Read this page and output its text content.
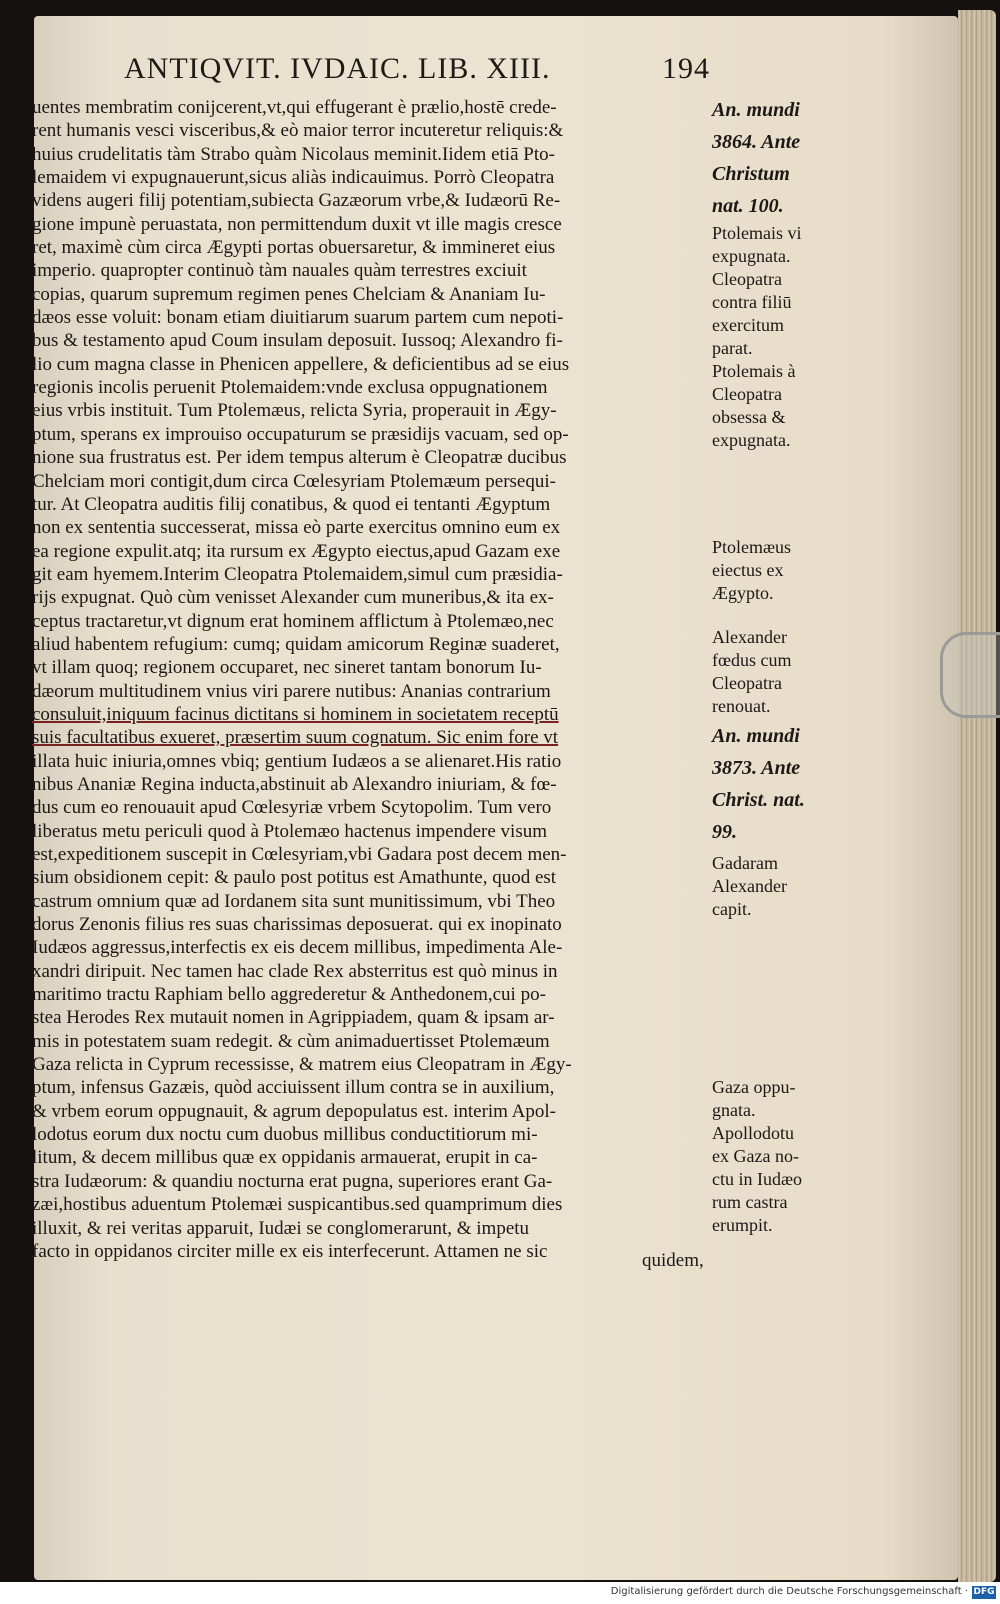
ANTIQVIT. IVDAIC. LIB. XIII.	194
uentes membratim conijcerent,vt,qui effugerant è prælio,hostē crede-
rent humanis vesci visceribus,& eò maior terror incuteretur reliquis:&
huius crudelitatis tàm Strabo quàm Nicolaus meminit.Iidem etiā Pto-
lemaidem vi expugnauerunt,sicus aliàs indicauimus. Porrò Cleopatra
videns augeri filij potentiam,subiecta Gazæorum vrbe,& Iudæorū Re-
gione impunè peruastata, non permittendum duxit vt ille magis cresce
ret, maximè cùm circa Ægypti portas obuersaretur, & immineret eius
imperio. quapropter continuò tàm nauales quàm terrestres exciuit
copias, quarum supremum regimen penes Chelciam & Ananiam Iu-
dæos esse voluit: bonam etiam diuitiarum suarum partem cum nepoti-
bus & testamento apud Coum insulam deposuit. Iussoq; Alexandro fi-
lio cum magna classe in Phenicen appellere, & deficientibus ad se eius
regionis incolis peruenit Ptolemaidem:vnde exclusa oppugnationem
eius vrbis instituit. Tum Ptolemæus, relicta Syria, properauit in Ægy-
ptum, sperans ex improuiso occupaturum se præsidijs vacuam, sed op-
nione sua frustratus est. Per idem tempus alterum è Cleopatræ ducibus
Chelciam mori contigit,dum circa Cœlesyriam Ptolemæum persequi-
tur. At Cleopatra auditis filij conatibus, & quod ei tentanti Ægyptum
non ex sententia successerat, missa eò parte exercitus omnino eum ex
ea regione expulit.atq; ita rursum ex Ægypto eiectus,apud Gazam exe
git eam hyemem.Interim Cleopatra Ptolemaidem,simul cum præsidia-
rijs expugnat. Quò cùm venisset Alexander cum muneribus,& ita ex-
ceptus tractaretur,vt dignum erat hominem afflictum à Ptolemæo,nec
aliud habentem refugium: cumq; quidam amicorum Reginæ suaderet,
vt illam quoq; regionem occuparet, nec sineret tantam bonorum Iu-
dæorum multitudinem vnius viri parere nutibus: Ananias contrarium
consuluit,iniquum facinus dictitans si hominem in societatem receptū
suis facultatibus exueret, præsertim suum cognatum. Sic enim fore vt
illata huic iniuria,omnes vbiq; gentium Iudæos a se alienaret.His ratio
nibus Ananiæ Regina inducta,abstinuit ab Alexandro iniuriam, & fœ-
dus cum eo renouauit apud Cœlesyriæ vrbem Scytopolim. Tum vero
liberatus metu periculi quod à Ptolemæo hactenus impendere visum
est,expeditionem suscepit in Cœlesyriam,vbi Gadara post decem men-
sium obsidionem cepit: & paulo post potitus est Amathunte, quod est
castrum omnium quæ ad Iordanem sita sunt munitissimum, vbi Theo
dorus Zenonis filius res suas charissimas deposuerat. qui ex inopinato
Iudæos aggressus,interfectis ex eis decem millibus, impedimenta Ale-
xandri diripuit. Nec tamen hac clade Rex absterritus est quò minus in
maritimo tractu Raphiam bello aggrederetur & Anthedonem,cui po-
stea Herodes Rex mutauit nomen in Agrippiadem, quam & ipsam ar-
mis in potestatem suam redegit. & cùm animaduertisset Ptolemæum
Gaza relicta in Cyprum recessisse, & matrem eius Cleopatram in Ægy-
ptum, infensus Gazæis, quòd acciuissent illum contra se in auxilium,
& vrbem eorum oppugnauit, & agrum depopulatus est. interim Apol-
lodotus eorum dux noctu cum duobus millibus conductitiorum mi-
litum, & decem millibus quæ ex oppidanis armauerat, erupit in ca-
stra Iudæorum: & quandiu nocturna erat pugna, superiores erant Ga-
zæi,hostibus aduentum Ptolemæi suspicantibus.sed quamprimum dies
illuxit, & rei veritas apparuit, Iudæi se conglomerarunt, & impetu
facto in oppidanos circiter mille ex eis interfecerunt. Attamen ne sic	quidem,
An. mundi
3864. Ante
Christum
nat. 100.
Ptolemais vi
expugnata.
Cleopatra
contra filiū
exercitum
parat.
Ptolemais à
Cleopatra
obsessa &
expugnata.
Ptolemæus
eiectus ex
Ægypto.
Alexander
fœdus cum
Cleopatra
renouat.
An. mundi
3873. Ante
Christ. nat.
99.
Gadaram
Alexander
capit.
Gaza oppu-
gnata.
Apollodotu
ex Gaza no-
ctu in Iudæo
rum castra
erumpit.
Digitalisierung gefördert durch die Deutsche Forschungsgemeinschaft · DFG
